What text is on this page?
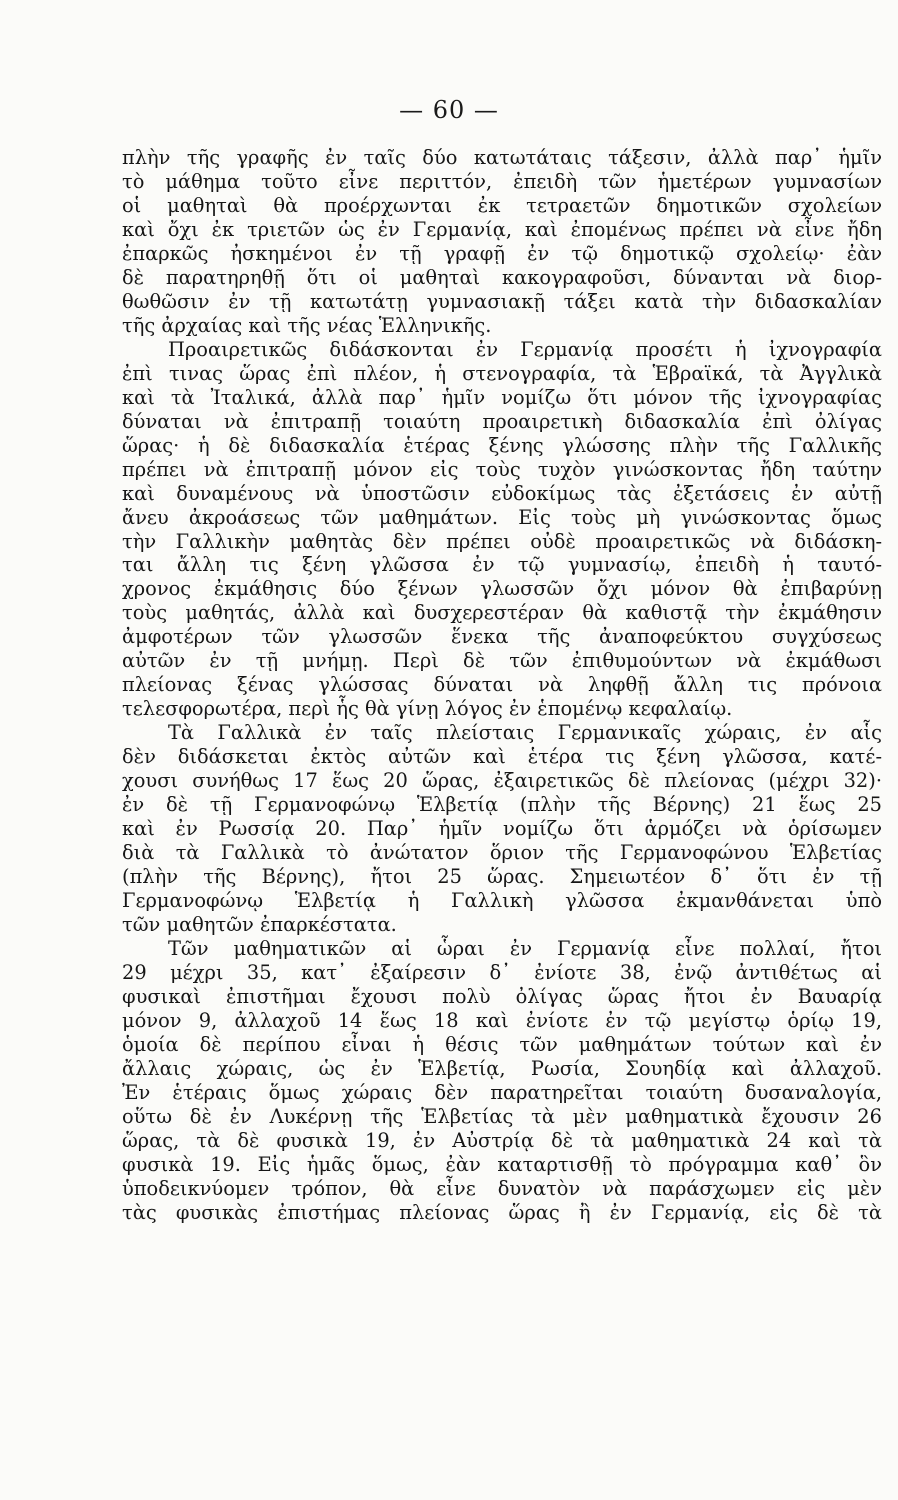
— 60 —
πλὴν τῆς γραφῆς ἐν ταῖς δύο κατωτάταις τάξεσιν, ἀλλὰ παρ᾽ ἡμῖν
τὸ μάθημα τοῦτο εἶνε περιττόν, ἐπειδὴ τῶν ἡμετέρων γυμνασίων
οἱ μαθηταὶ θὰ προέρχωνται ἐκ τετραετῶν δημοτικῶν σχολείων
καὶ ὄχι ἐκ τριετῶν ὡς ἐν Γερμανίᾳ, καὶ ἐπομένως πρέπει νὰ εἶνε ἤδη
ἐπαρκῶς ἠσκημένοι ἐν τῇ γραφῇ ἐν τῷ δημοτικῷ σχολείῳ· ἐὰν
δὲ παρατηρηθῇ ὅτι οἱ μαθηταὶ κακογραφοῦσι, δύνανται νὰ διορ-
θωθῶσιν ἐν τῇ κατωτάτῃ γυμνασιακῇ τάξει κατὰ τὴν διδασκαλίαν
τῆς ἀρχαίας καὶ τῆς νέας Ἑλληνικῆς.
Προαιρετικῶς διδάσκονται ἐν Γερμανίᾳ προσέτι ἡ ἰχνογραφία
ἐπὶ τινας ὥρας ἐπὶ πλέον, ἡ στενογραφία, τὰ Ἑβραϊκά, τὰ Ἀγγλικὰ
καὶ τὰ Ἰταλικά, ἀλλὰ παρ᾽ ἡμῖν νομίζω ὅτι μόνον τῆς ἰχνογραφίας
δύναται νὰ ἐπιτραπῇ τοιαύτη προαιρετικὴ διδασκαλία ἐπὶ ὀλίγας
ὥρας· ἡ δὲ διδασκαλία ἑτέρας ξένης γλώσσης πλὴν τῆς Γαλλικῆς
πρέπει νὰ ἐπιτραπῇ μόνον εἰς τοὺς τυχὸν γινώσκοντας ἤδη ταύτην
καὶ δυναμένους νὰ ὑποστῶσιν εὐδοκίμως τὰς ἐξετάσεις ἐν αὐτῇ
ἄνευ ἀκροάσεως τῶν μαθημάτων. Εἰς τοὺς μὴ γινώσκοντας ὅμως
τὴν Γαλλικὴν μαθητὰς δὲν πρέπει οὐδὲ προαιρετικῶς νὰ διδάσκη-
ται ἄλλη τις ξένη γλῶσσα ἐν τῷ γυμνασίῳ, ἐπειδὴ ἡ ταυτό-
χρονος ἐκμάθησις δύο ξένων γλωσσῶν ὄχι μόνον θὰ ἐπιβαρύνῃ
τοὺς μαθητάς, ἀλλὰ καὶ δυσχερεστέραν θὰ καθιστᾷ τὴν ἐκμάθησιν
ἀμφοτέρων τῶν γλωσσῶν ἕνεκα τῆς ἀναποφεύκτου συγχύσεως
αὐτῶν ἐν τῇ μνήμῃ. Περὶ δὲ τῶν ἐπιθυμούντων νὰ ἐκμάθωσι
πλείονας ξένας γλώσσας δύναται νὰ ληφθῇ ἄλλη τις πρόνοια
τελεσφορωτέρα, περὶ ἧς θὰ γίνῃ λόγος ἐν ἑπομένῳ κεφαλαίῳ.
Τὰ Γαλλικὰ ἐν ταῖς πλείσταις Γερμανικαῖς χώραις, ἐν αἷς
δὲν διδάσκεται ἐκτὸς αὐτῶν καὶ ἑτέρα τις ξένη γλῶσσα, κατέ-
χουσι συνήθως 17 ἕως 20 ὥρας, ἐξαιρετικῶς δὲ πλείονας (μέχρι 32)·
ἐν δὲ τῇ Γερμανοφώνῳ Ἑλβετίᾳ (πλὴν τῆς Βέρνης) 21 ἕως 25
καὶ ἐν Ρωσσίᾳ 20. Παρ᾽ ἡμῖν νομίζω ὅτι ἁρμόζει νὰ ὁρίσωμεν
διὰ τὰ Γαλλικὰ τὸ ἀνώτατον ὅριον τῆς Γερμανοφώνου Ἑλβετίας
(πλὴν τῆς Βέρνης), ἤτοι 25 ὥρας. Σημειωτέον δ᾽ ὅτι ἐν τῇ
Γερμανοφώνῳ Ἑλβετίᾳ ἡ Γαλλικὴ γλῶσσα ἐκμανθάνεται ὑπὸ
τῶν μαθητῶν ἐπαρκέστατα.
Τῶν μαθηματικῶν αἱ ὧραι ἐν Γερμανίᾳ εἶνε πολλαί, ἤτοι
29 μέχρι 35, κατ᾽ ἐξαίρεσιν δ᾽ ἐνίοτε 38, ἐνῷ ἀντιθέτως αἱ
φυσικαὶ ἐπιστῆμαι ἔχουσι πολὺ ὀλίγας ὥρας ἤτοι ἐν Βαυαρίᾳ
μόνον 9, ἀλλαχοῦ 14 ἕως 18 καὶ ἐνίοτε ἐν τῷ μεγίστῳ ὁρίῳ 19,
ὁμοία δὲ περίπου εἶναι ἡ θέσις τῶν μαθημάτων τούτων καὶ ἐν
ἄλλαις χώραις, ὡς ἐν Ἑλβετίᾳ, Ρωσία, Σουηδίᾳ καὶ ἀλλαχοῦ.
Ἐν ἑτέραις ὅμως χώραις δὲν παρατηρεῖται τοιαύτη δυσαναλογία,
οὕτω δὲ ἐν Λυκέρνῃ τῆς Ἑλβετίας τὰ μὲν μαθηματικὰ ἔχουσιν 26
ὥρας, τὰ δὲ φυσικὰ 19, ἐν Αὐστρίᾳ δὲ τὰ μαθηματικὰ 24 καὶ τὰ
φυσικὰ 19. Εἰς ἡμᾶς ὅμως, ἐὰν καταρτισθῇ τὸ πρόγραμμα καθ᾽ ὃν
ὑποδεικνύομεν τρόπον, θὰ εἶνε δυνατὸν νὰ παράσχωμεν εἰς μὲν
τὰς φυσικὰς ἐπιστήμας πλείονας ὥρας ἢ ἐν Γερμανίᾳ, εἰς δὲ τὰ
